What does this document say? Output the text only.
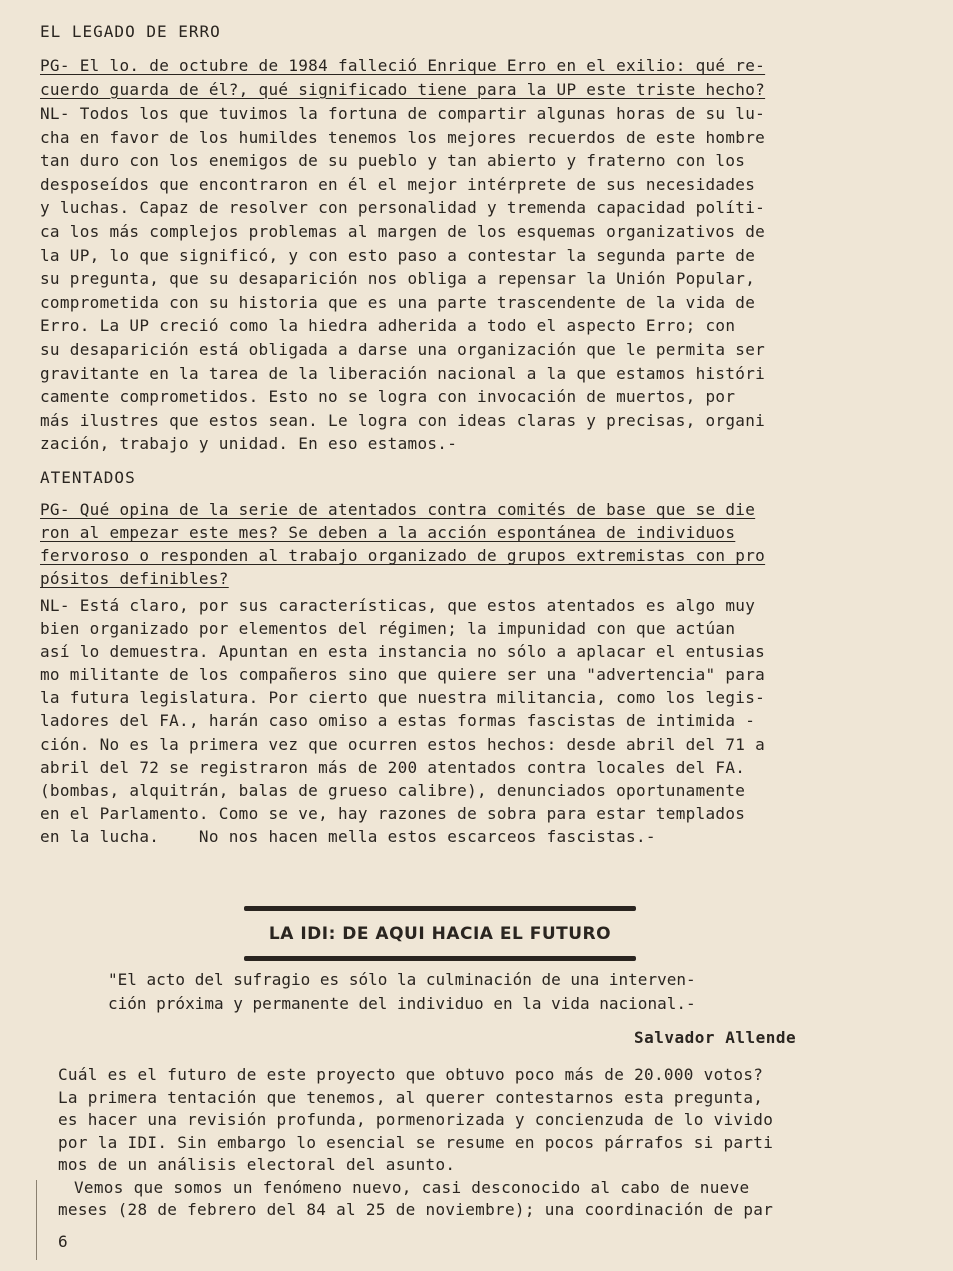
EL LEGADO DE ERRO

PG- El lo. de octubre de 1984 falleció Enrique Erro en el exilio: qué re-

cuerdo guarda de él?, qué significado tiene para la UP este triste hecho?

NL- Todos los que tuvimos la fortuna de compartir algunas horas de su lu-

cha en favor de los humildes tenemos los mejores recuerdos de este hombre

tan duro con los enemigos de su pueblo y tan abierto y fraterno con los

desposeídos que encontraron en él el mejor intérprete de sus necesidades

y luchas. Capaz de resolver con personalidad y tremenda capacidad políti-

ca los más complejos problemas al margen de los esquemas organizativos de

la UP, lo que significó, y con esto paso a contestar la segunda parte de

su pregunta, que su desaparición nos obliga a repensar la Unión Popular,

comprometida con su historia que es una parte trascendente de la vida de

Erro. La UP creció como la hiedra adherida a todo el aspecto Erro; con

su desaparición está obligada a darse una organización que le permita ser

gravitante en la tarea de la liberación nacional a la que estamos históri

camente comprometidos. Esto no se logra con invocación de muertos, por

más ilustres que estos sean. Le logra con ideas claras y precisas, organi

zación, trabajo y unidad. En eso estamos.-

ATENTADOS

PG- Qué opina de la serie de atentados contra comités de base que se die

ron al empezar este mes? Se deben a la acción espontánea de individuos

fervoroso o responden al trabajo organizado de grupos extremistas con pro

pósitos definibles?

NL- Está claro, por sus características, que estos atentados es algo muy

bien organizado por elementos del régimen; la impunidad con que actúan

así lo demuestra. Apuntan en esta instancia no sólo a aplacar el entusias

mo militante de los compañeros sino que quiere ser una "advertencia" para

la futura legislatura. Por cierto que nuestra militancia, como los legis-

ladores del FA., harán caso omiso a estas formas fascistas de intimida -

ción. No es la primera vez que ocurren estos hechos: desde abril del 71 a

abril del 72 se registraron más de 200 atentados contra locales del FA.

(bombas, alquitrán, balas de grueso calibre), denunciados oportunamente

en el Parlamento. Como se ve, hay razones de sobra para estar templados

en la lucha.    No nos hacen mella estos escarceos fascistas.-

LA IDI: DE AQUI HACIA EL FUTURO

"El acto del sufragio es sólo la culminación de una interven-

ción próxima y permanente del individuo en la vida nacional.-

Salvador Allende

Cuál es el futuro de este proyecto que obtuvo poco más de 20.000 votos?

La primera tentación que tenemos, al querer contestarnos esta pregunta,

es hacer una revisión profunda, pormenorizada y concienzuda de lo vivido

por la IDI. Sin embargo lo esencial se resume en pocos párrafos si parti

mos de un análisis electoral del asunto.

Vemos que somos un fenómeno nuevo, casi desconocido al cabo de nueve

meses (28 de febrero del 84 al 25 de noviembre); una coordinación de par

6
